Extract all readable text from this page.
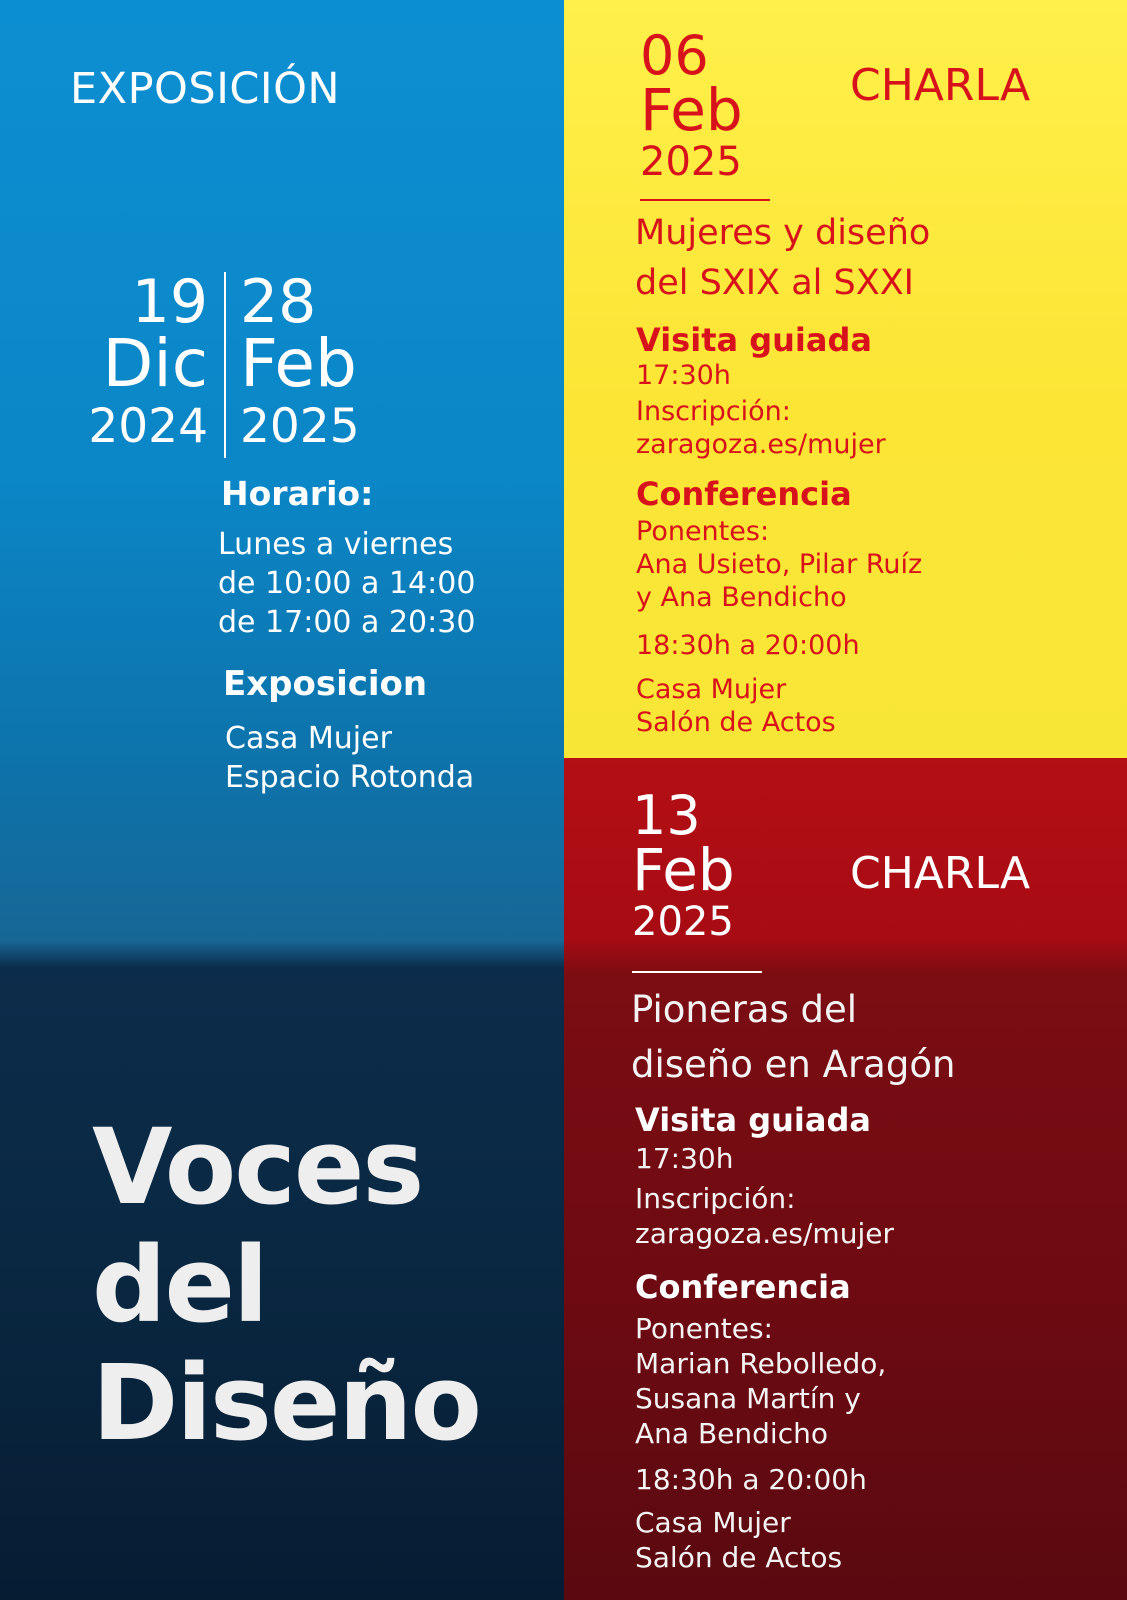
EXPOSICIÓN
19
Dic
2024
28
Feb
2025
Horario:
Lunes a viernes
de 10:00 a 14:00
de 17:00 a 20:30
Exposicion
Casa Mujer
Espacio Rotonda
Voces
del
Diseño
06
Feb
2025
CHARLA
Mujeres y diseño
del SXIX al SXXI
Visita guiada
17:30h
Inscripción:
zaragoza.es/mujer
Conferencia
Ponentes:
Ana Usieto, Pilar Ruíz
y Ana Bendicho
18:30h a 20:00h
Casa Mujer
Salón de Actos
13
Feb
2025
CHARLA
Pioneras del
diseño en Aragón
Visita guiada
17:30h
Inscripción:
zaragoza.es/mujer
Conferencia
Ponentes:
Marian Rebolledo,
Susana Martín y
Ana Bendicho
18:30h a 20:00h
Casa Mujer
Salón de Actos
